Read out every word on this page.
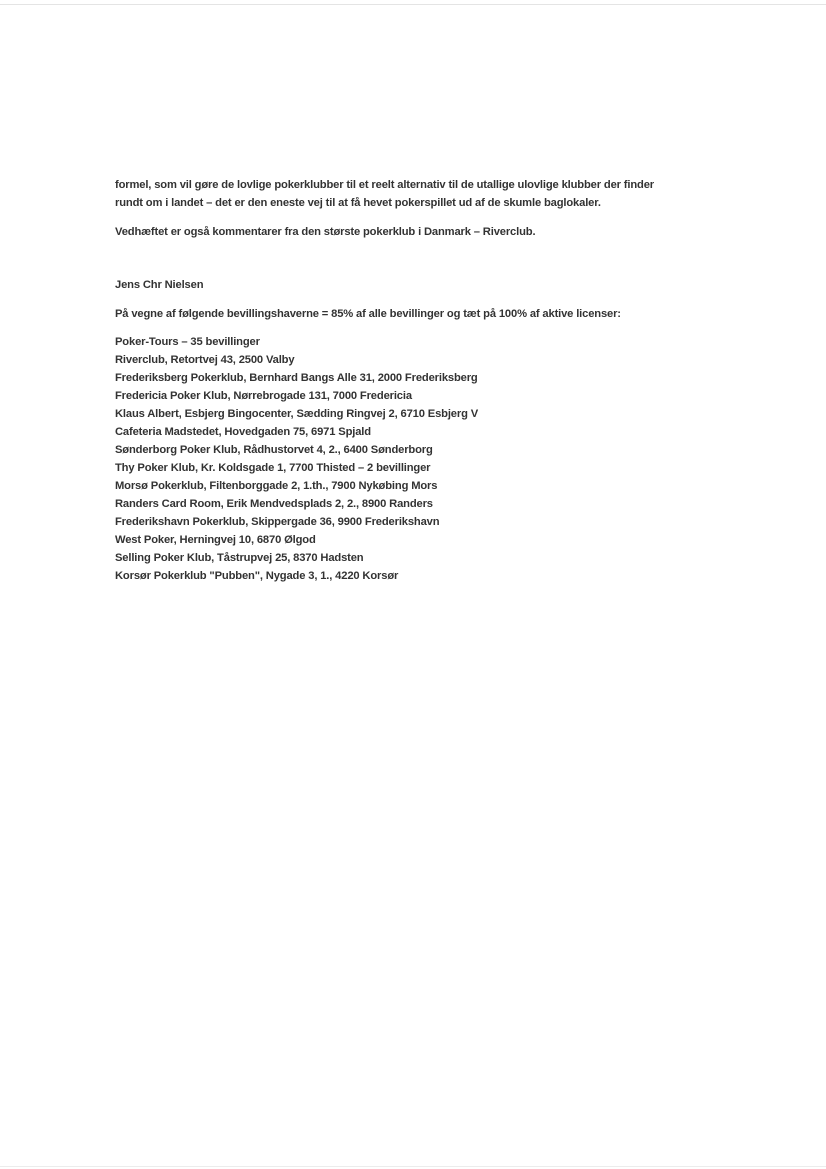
formel, som vil gøre de lovlige pokerklubber til et reelt alternativ til de utallige ulovlige klubber der finder
rundt om i landet – det er den eneste vej til at få hevet pokerspillet ud af de skumle baglokaler.
Vedhæftet er også kommentarer fra den største pokerklub i Danmark – Riverclub.
Jens Chr Nielsen
På vegne af følgende bevillingshaverne = 85% af alle bevillinger og tæt på 100% af aktive licenser:
Poker-Tours – 35 bevillinger
Riverclub, Retortvej 43, 2500 Valby
Frederiksberg Pokerklub, Bernhard Bangs Alle 31, 2000 Frederiksberg
Fredericia Poker Klub, Nørrebrogade 131, 7000 Fredericia
Klaus Albert, Esbjerg Bingocenter, Sædding Ringvej 2, 6710 Esbjerg V
Cafeteria Madstedet, Hovedgaden 75, 6971 Spjald
Sønderborg Poker Klub, Rådhustorvet 4, 2., 6400 Sønderborg
Thy Poker Klub, Kr. Koldsgade 1, 7700 Thisted – 2 bevillinger
Morsø Pokerklub, Filtenborggade 2, 1.th., 7900 Nykøbing Mors
Randers Card Room, Erik Mendvedsplads 2, 2., 8900 Randers
Frederikshavn Pokerklub, Skippergade 36, 9900 Frederikshavn
West Poker, Herningvej 10, 6870 Ølgod
Selling Poker Klub, Tåstrupvej 25, 8370 Hadsten
Korsør Pokerklub "Pubben", Nygade 3, 1., 4220 Korsør
